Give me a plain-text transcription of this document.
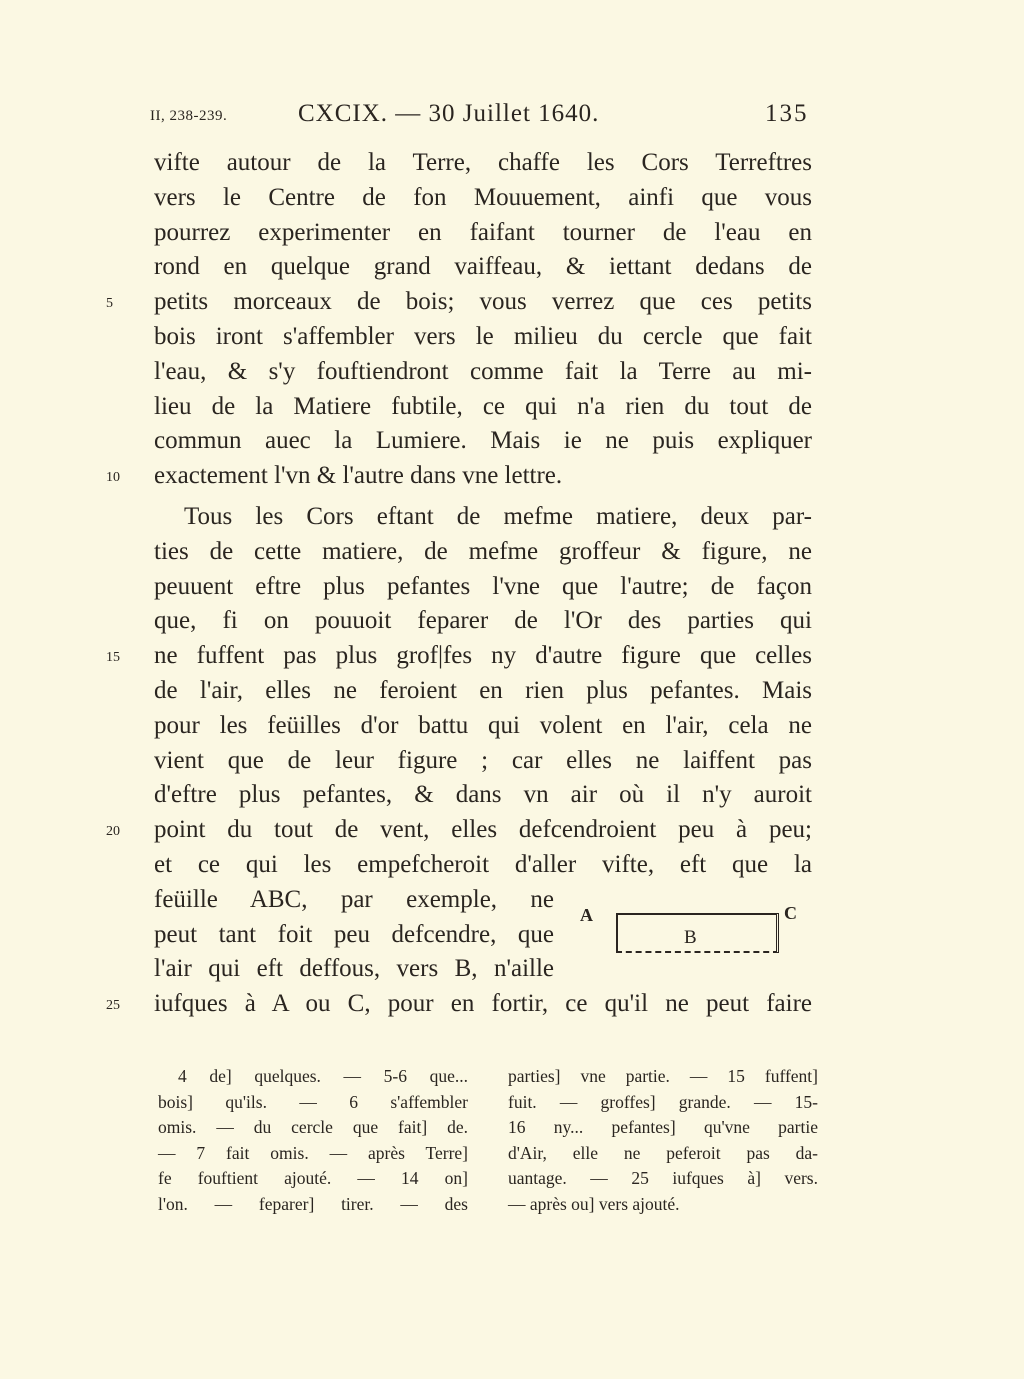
II, 238-239.	CXCIX. — 30 Juillet 1640.	135
vifte autour de la Terre, chaffe les Cors Terreftres
vers le Centre de fon Mouuement, ainfi que vous
pourrez experimenter en faifant tourner de l'eau en
rond en quelque grand vaiffeau, & iettant dedans de
5	petits morceaux de bois; vous verrez que ces petits
bois iront s'affembler vers le milieu du cercle que fait
l'eau, & s'y fouftiendront comme fait la Terre au mi-
lieu de la Matiere fubtile, ce qui n'a rien du tout de
commun auec la Lumiere. Mais ie ne puis expliquer
10	exactement l'vn & l'autre dans vne lettre.
Tous les Cors eftant de mefme matiere, deux par-
ties de cette matiere, de mefme groffeur & figure, ne
peuuent eftre plus pefantes l'vne que l'autre; de façon
que, fi on pouuoit feparer de l'Or des parties qui
15	ne fuffent pas plus grof|fes ny d'autre figure que celles
de l'air, elles ne feroient en rien plus pefantes. Mais
pour les feüilles d'or battu qui volent en l'air, cela ne
vient que de leur figure ; car elles ne laiffent pas
d'eftre plus pefantes, & dans vn air où il n'y auroit
20	point du tout de vent, elles defcendroient peu à peu;
et ce qui les empefcheroit d'aller vifte, eft que la
feüille ABC, par exemple, ne
peut tant foit peu defcendre, que
l'air qui eft deffous, vers B, n'aille
25	iufques à A ou C, pour en fortir, ce qu'il ne peut faire
A
B
C
4 de] quelques. — 5-6 que...
bois] qu'ils. — 6 s'affembler
omis. — du cercle que fait] de.
— 7 fait omis. — après Terre]
fe fouftient ajouté. — 14 on]
l'on. — feparer] tirer. — des
parties] vne partie. — 15 fuffent]
fuit. — groffes] grande. — 15-
16 ny... pefantes] qu'vne partie
d'Air, elle ne peferoit pas da-
uantage. — 25 iufques à] vers.
— après ou] vers ajouté.
